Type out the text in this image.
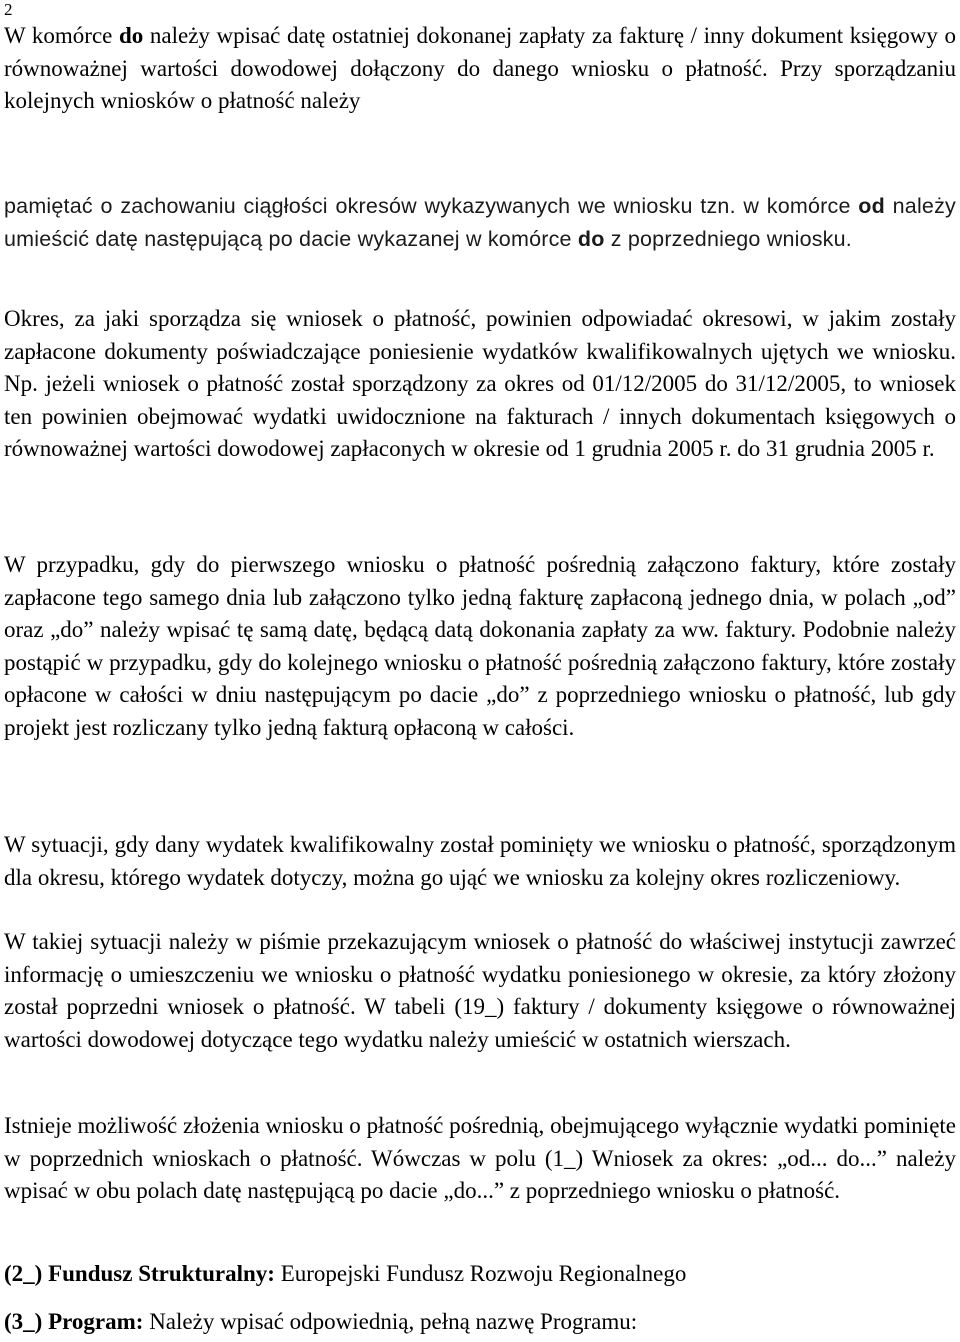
2

W komórce do należy wpisać datę ostatniej dokonanej zapłaty za fakturę / inny dokument księgowy o równoważnej wartości dowodowej dołączony do danego wniosku o płatność. Przy sporządzaniu kolejnych wniosków o płatność należy

pamiętać o zachowaniu ciągłości okresów wykazywanych we wniosku tzn. w komórce od należy umieścić datę następującą po dacie wykazanej w komórce do z poprzedniego wniosku.

Okres, za jaki sporządza się wniosek o płatność, powinien odpowiadać okresowi, w jakim zostały zapłacone dokumenty poświadczające poniesienie wydatków kwalifikowalnych ujętych we wniosku. Np. jeżeli wniosek o płatność został sporządzony za okres od 01/12/2005 do 31/12/2005, to wniosek ten powinien obejmować wydatki uwidocznione na fakturach / innych dokumentach księgowych o równoważnej wartości dowodowej zapłaconych w okresie od 1 grudnia 2005 r. do 31 grudnia 2005 r.

W przypadku, gdy do pierwszego wniosku o płatność pośrednią załączono faktury, które zostały zapłacone tego samego dnia lub załączono tylko jedną fakturę zapłaconą jednego dnia, w polach „od” oraz „do” należy wpisać tę samą datę, będącą datą dokonania zapłaty za ww. faktury. Podobnie należy postąpić w przypadku, gdy do kolejnego wniosku o płatność pośrednią załączono faktury, które zostały opłacone w całości w dniu następującym po dacie „do” z poprzedniego wniosku o płatność, lub gdy projekt jest rozliczany tylko jedną fakturą opłaconą w całości.

W sytuacji, gdy dany wydatek kwalifikowalny został pominięty we wniosku o płatność, sporządzonym dla okresu, którego wydatek dotyczy, można go ująć we wniosku za kolejny okres rozliczeniowy.

W takiej sytuacji należy w piśmie przekazującym wniosek o płatność do właściwej instytucji zawrzeć informację o umieszczeniu we wniosku o płatność wydatku poniesionego w okresie, za który złożony został poprzedni wniosek o płatność. W tabeli (19_) faktury / dokumenty księgowe o równoważnej wartości dowodowej dotyczące tego wydatku należy umieścić w ostatnich wierszach.

Istnieje możliwość złożenia wniosku o płatność pośrednią, obejmującego wyłącznie wydatki pominięte w poprzednich wnioskach o płatność. Wówczas w polu (1_) Wniosek za okres: „od... do...” należy wpisać w obu polach datę następującą po dacie „do...” z poprzedniego wniosku o płatność.

(2_) Fundusz Strukturalny: Europejski Fundusz Rozwoju Regionalnego

(3_) Program: Należy wpisać odpowiednią, pełną nazwę Programu:
